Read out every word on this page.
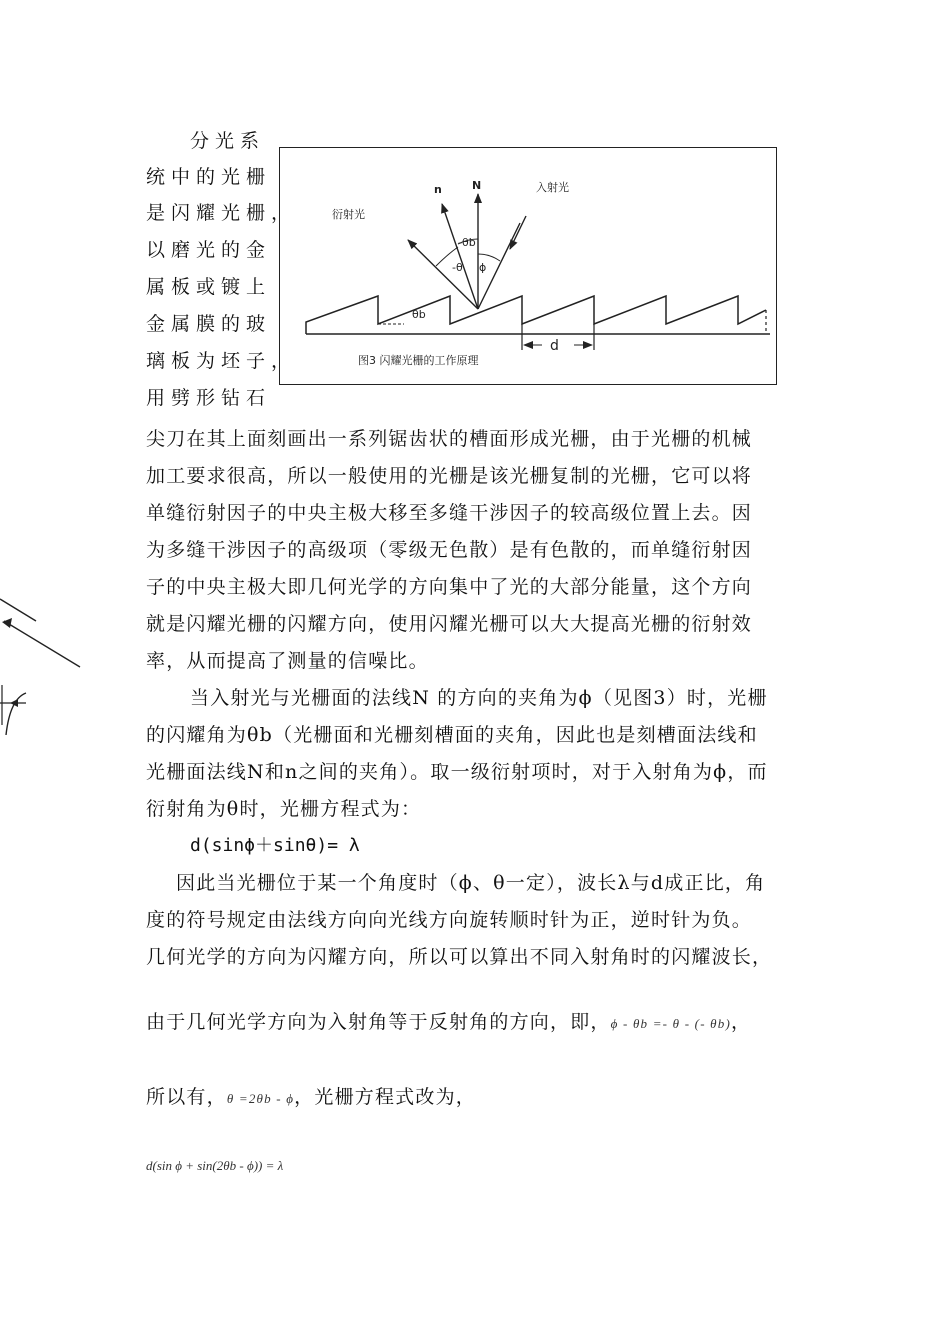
分光系
统中的光栅
是闪耀光栅，
以磨光的金
属板或镀上
金属膜的玻
璃板为坯子，
用劈形钻石
衍射光
n	N	入射光
-θb
-θ ϕ
θb
d
图3 闪耀光栅的工作原理
尖刀在其上面刻画出一系列锯齿状的槽面形成光栅，由于光栅的机械
加工要求很高，所以一般使用的光栅是该光栅复制的光栅，它可以将
单缝衍射因子的中央主极大移至多缝干涉因子的较高级位置上去。因
为多缝干涉因子的高级项（零级无色散）是有色散的，而单缝衍射因
子的中央主极大即几何光学的方向集中了光的大部分能量，这个方向
就是闪耀光栅的闪耀方向，使用闪耀光栅可以大大提高光栅的衍射效
率，从而提高了测量的信噪比。
当入射光与光栅面的法线N 的方向的夹角为ϕ（见图3）时，光栅
的闪耀角为θb（光栅面和光栅刻槽面的夹角，因此也是刻槽面法线和
光栅面法线N和n之间的夹角）。取一级衍射项时，对于入射角为ϕ，而
衍射角为θ时，光栅方程式为：
d(sinϕ＋sinθ)= λ
因此当光栅位于某一个角度时（ϕ、θ一定），波长λ与d成正比，角
度的符号规定由法线方向向光线方向旋转顺时针为正，逆时针为负。
几何光学的方向为闪耀方向，所以可以算出不同入射角时的闪耀波长，
由于几何光学方向为入射角等于反射角的方向，即，ϕ - θb =- θ - (- θb)，
所以有，θ =2θb - ϕ，光栅方程式改为，
d(sin ϕ + sin(2θb - ϕ)) = λ
